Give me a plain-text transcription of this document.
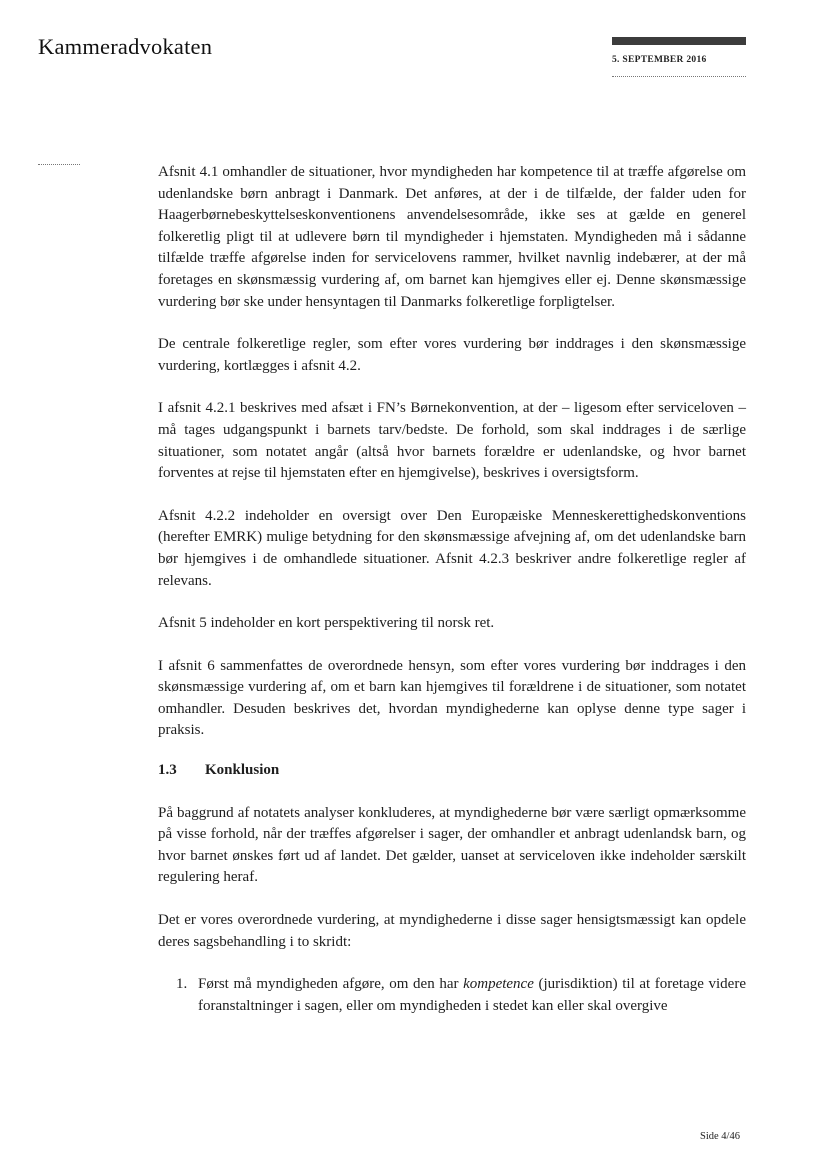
Kammeradvokaten
5. SEPTEMBER 2016

Afsnit 4.1 omhandler de situationer, hvor myndigheden har kompetence til at træffe afgørelse om udenlandske børn anbragt i Danmark. Det anføres, at der i de tilfælde, der falder uden for Haagerbørnebeskyttelseskonventionens anvendelsesområde, ikke ses at gælde en generel folkeretlig pligt til at udlevere børn til myndigheder i hjemstaten. Myndigheden må i sådanne tilfælde træffe afgørelse inden for servicelovens rammer, hvilket navnlig indebærer, at der må foretages en skønsmæssig vurdering af, om barnet kan hjemgives eller ej. Denne skønsmæssige vurdering bør ske under hensyntagen til Danmarks folkeretlige forpligtelser.

De centrale folkeretlige regler, som efter vores vurdering bør inddrages i den skønsmæssige vurdering, kortlægges i afsnit 4.2.

I afsnit 4.2.1 beskrives med afsæt i FN’s Børnekonvention, at der – ligesom efter serviceloven – må tages udgangspunkt i barnets tarv/bedste. De forhold, som skal inddrages i de særlige situationer, som notatet angår (altså hvor barnets forældre er udenlandske, og hvor barnet forventes at rejse til hjemstaten efter en hjemgivelse), beskrives i oversigtsform.

Afsnit 4.2.2 indeholder en oversigt over Den Europæiske Menneskerettighedskonventions (herefter EMRK) mulige betydning for den skønsmæssige afvejning af, om det udenlandske barn bør hjemgives i de omhandlede situationer. Afsnit 4.2.3 beskriver andre folkeretlige regler af relevans.

Afsnit 5 indeholder en kort perspektivering til norsk ret.

I afsnit 6 sammenfattes de overordnede hensyn, som efter vores vurdering bør inddrages i den skønsmæssige vurdering af, om et barn kan hjemgives til forældrene i de situationer, som notatet omhandler. Desuden beskrives det, hvordan myndighederne kan oplyse denne type sager i praksis.

1.3	Konklusion

På baggrund af notatets analyser konkluderes, at myndighederne bør være særligt opmærksomme på visse forhold, når der træffes afgørelser i sager, der omhandler et anbragt udenlandsk barn, og hvor barnet ønskes ført ud af landet. Det gælder, uanset at serviceloven ikke indeholder særskilt regulering heraf.

Det er vores overordnede vurdering, at myndighederne i disse sager hensigtsmæssigt kan opdele deres sagsbehandling i to skridt:

1. Først må myndigheden afgøre, om den har kompetence (jurisdiktion) til at foretage videre foranstaltninger i sagen, eller om myndigheden i stedet kan eller skal overgive
Side 4/46
